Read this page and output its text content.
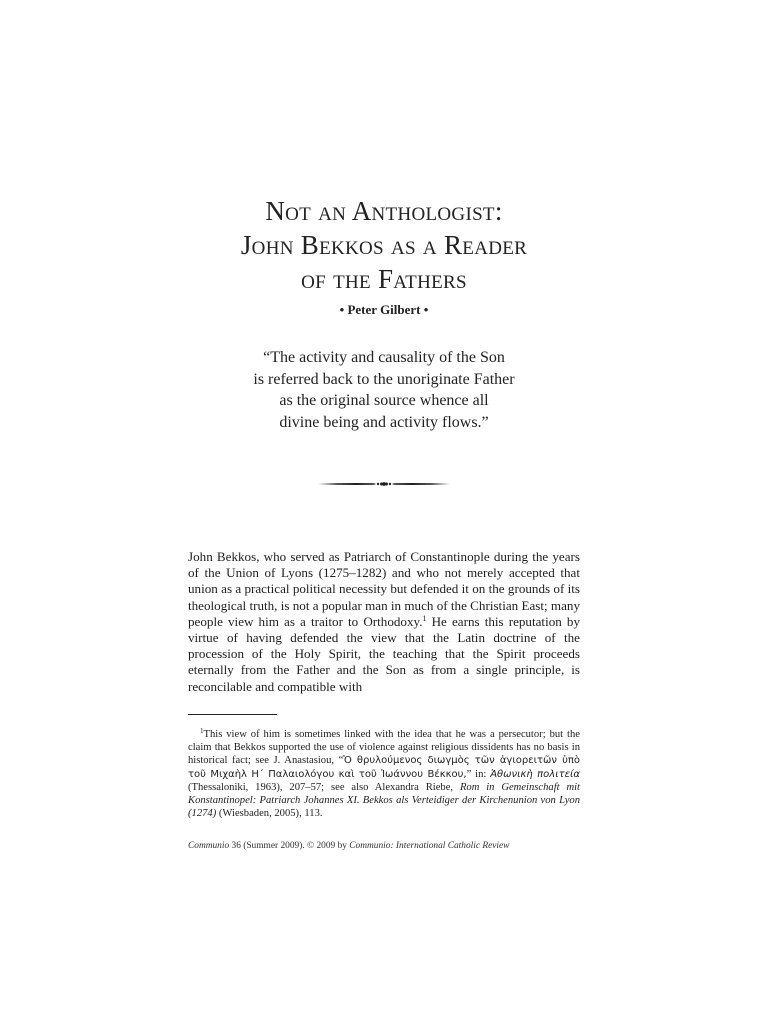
Not an Anthologist:
John Bekkos as a Reader
of the Fathers
• Peter Gilbert •
“The activity and causality of the Son
is referred back to the unoriginate Father
as the original source whence all
divine being and activity flows.”
John Bekkos, who served as Patriarch of Constantinople during the years of the Union of Lyons (1275–1282) and who not merely accepted that union as a practical political necessity but defended it on the grounds of its theological truth, is not a popular man in much of the Christian East; many people view him as a traitor to Orthodoxy.$^1$ He earns this reputation by virtue of having defended the view that the Latin doctrine of the procession of the Holy Spirit, the teaching that the Spirit proceeds eternally from the Father and the Son as from a single principle, is reconcilable and compatible with
$^1$This view of him is sometimes linked with the idea that he was a persecutor; but the claim that Bekkos supported the use of violence against religious dissidents has no basis in historical fact; see J. Anastasiou, “Ὁ θρυλούμενος διωγμὸς τῶν ἁγιορειτῶν ὑπὸ τοῦ Μιχαὴλ Η´ Παλαιολόγου καὶ τοῦ Ἰωάννου Βέκκου,” in: Ἀθωνικὴ πολιτεία (Thessaloniki, 1963), 207–57; see also Alexandra Riebe, Rom in Gemeinschaft mit Konstantinopel: Patriarch Johannes XI. Bekkos als Verteidiger der Kirchenunion von Lyon (1274) (Wiesbaden, 2005), 113.
Communio 36 (Summer 2009). © 2009 by Communio: International Catholic Review
